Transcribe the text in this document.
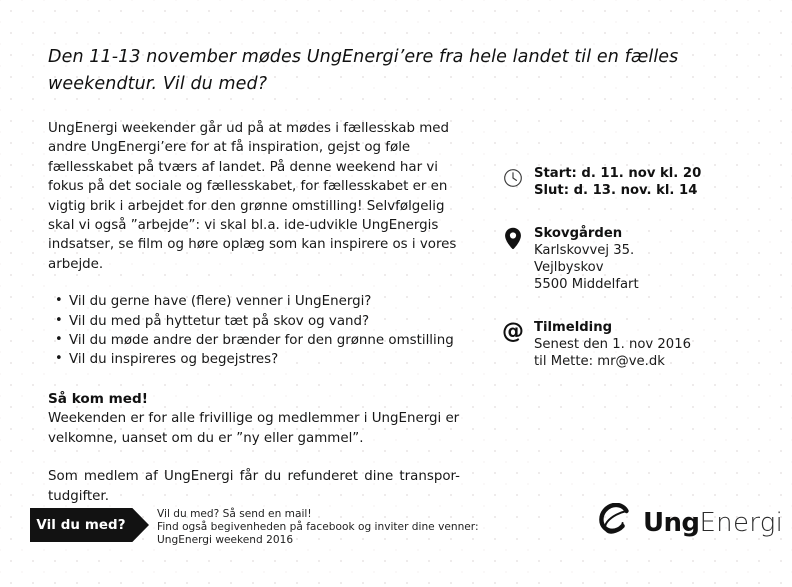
Den 11-13 november mødes UngEnergi’ere fra hele landet til en fælles weekendtur. Vil du med?

UngEnergi weekender går ud på at mødes i fællesskab med andre UngEnergi’ere for at få inspiration, gejst og føle fællesskabet på tværs af landet. På denne weekend har vi fokus på det sociale og fællesskabet, for fællesskabet er en vigtig brik i arbejdet for den grønne omstilling! Selvfølgelig skal vi også ”arbejde”: vi skal bl.a. ide-udvikle UngEnergis indsatser, se film og høre oplæg som kan inspirere os i vores arbejde.

• Vil du gerne have (flere) venner i UngEnergi?
• Vil du med på hyttetur tæt på skov og vand?
• Vil du møde andre der brænder for den grønne omstilling
• Vil du inspireres og begejstres?

Så kom med!

Weekenden er for alle frivillige og medlemmer i UngEnergi er velkomne, uanset om du er ”ny eller gammel”.

Som medlem af UngEnergi får du refunderet dine transpor-tudgifter.

Start: d. 11. nov kl. 20
Slut: d. 13. nov. kl. 14
Skovgården
Karlskovvej 35.
Vejlbyskov
5500 Middelfart
@ Tilmelding
Senest den 1. nov 2016
til Mette: mr@ve.dk
Vil du med?
Vil du med? Så send en mail!
Find også begivenheden på facebook og inviter dine venner:
UngEnergi weekend 2016
UngEnergi
